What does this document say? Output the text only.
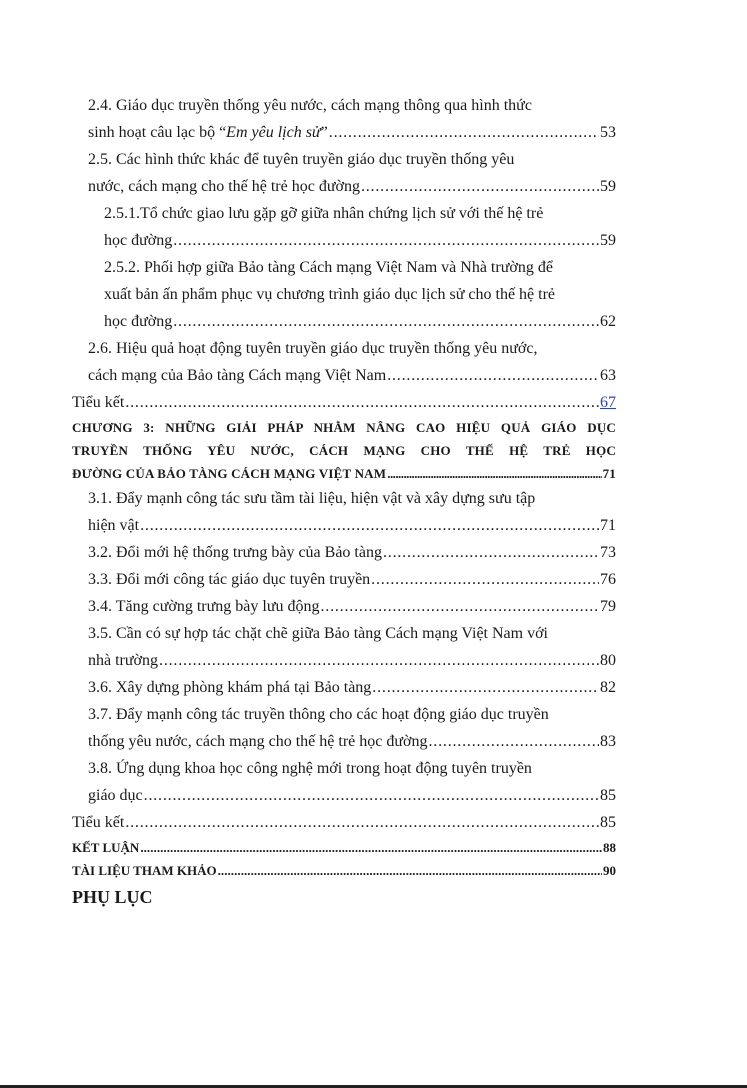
2.4. Giáo dục truyền thống yêu nước, cách mạng thông qua hình thức
sinh hoạt câu lạc bộ “Em yêu lịch sử” . . .	53
2.5. Các hình thức khác để tuyên truyền giáo dục truyền thống yêu
nước, cách mạng cho thế hệ trẻ học đường . . .	59
2.5.1.Tổ chức giao lưu gặp gỡ giữa nhân chứng lịch sử với thế hệ trẻ
học đường . . .	59
2.5.2. Phối hợp giữa Bảo tàng Cách mạng Việt Nam và Nhà trường để
xuất bản ấn phẩm phục vụ chương trình giáo dục lịch sử cho thế hệ trẻ
học đường . . .	62
2.6. Hiệu quả hoạt động tuyên truyền giáo dục truyền thống yêu nước,
cách mạng của Bảo tàng Cách mạng Việt Nam . . .	63
Tiểu kết . . .	67
CHƯƠNG 3: NHỮNG GIẢI PHÁP NHẰM NÂNG CAO HIỆU QUẢ GIÁO DỤC
TRUYỀN THỐNG YÊU NƯỚC, CÁCH MẠNG CHO THẾ HỆ TRẺ HỌC
ĐƯỜNG CỦA BẢO TÀNG CÁCH MẠNG VIỆT NAM . . .	71
3.1. Đẩy mạnh công tác sưu tầm tài liệu, hiện vật và xây dựng sưu tập
hiện vật . . .	71
3.2. Đổi mới hệ thống trưng bày của Bảo tàng . . .	73
3.3. Đổi mới công tác giáo dục tuyên truyền . . .	76
3.4. Tăng cường trưng bày lưu động . . .	79
3.5. Cần có sự hợp tác chặt chẽ giữa Bảo tàng Cách mạng Việt Nam với
nhà trường . . .	80
3.6. Xây dựng phòng khám phá tại Bảo tàng . . .	82
3.7. Đẩy mạnh công tác truyền thông cho các hoạt động giáo dục truyền
thống yêu nước, cách mạng cho thế hệ trẻ học đường . . .	83
3.8. Ứng dụng khoa học công nghệ mới trong hoạt động tuyên truyền
giáo dục . . .	85
Tiểu kết . . .	85
KẾT LUẬN . . .	88
TÀI LIỆU THAM KHẢO . . .	90
PHỤ LỤC
